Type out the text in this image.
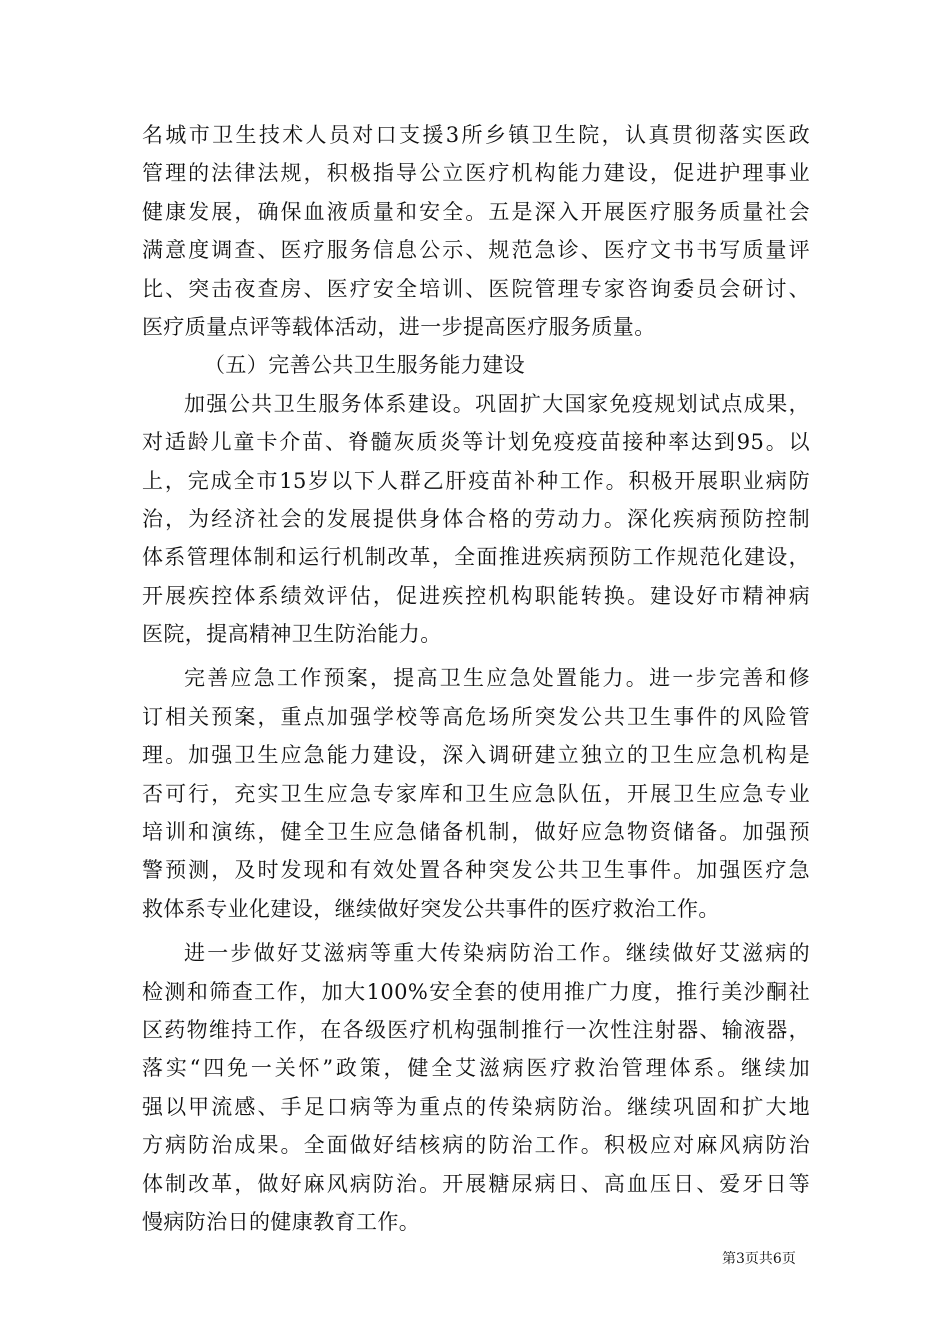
名城市卫生技术人员对口支援3所乡镇卫生院，认真贯彻落实医政
管理的法律法规，积极指导公立医疗机构能力建设，促进护理事业
健康发展，确保血液质量和安全。五是深入开展医疗服务质量社会
满意度调查、医疗服务信息公示、规范急诊、医疗文书书写质量评
比、突击夜查房、医疗安全培训、医院管理专家咨询委员会研讨、
医疗质量点评等载体活动，进一步提高医疗服务质量。
（五）完善公共卫生服务能力建设
加强公共卫生服务体系建设。巩固扩大国家免疫规划试点成果，
对适龄儿童卡介苗、脊髓灰质炎等计划免疫疫苗接种率达到95。以
上，完成全市15岁以下人群乙肝疫苗补种工作。积极开展职业病防
治，为经济社会的发展提供身体合格的劳动力。深化疾病预防控制
体系管理体制和运行机制改革，全面推进疾病预防工作规范化建设，
开展疾控体系绩效评估，促进疾控机构职能转换。建设好市精神病
医院，提高精神卫生防治能力。
完善应急工作预案，提高卫生应急处置能力。进一步完善和修
订相关预案，重点加强学校等高危场所突发公共卫生事件的风险管
理。加强卫生应急能力建设，深入调研建立独立的卫生应急机构是
否可行，充实卫生应急专家库和卫生应急队伍，开展卫生应急专业
培训和演练，健全卫生应急储备机制，做好应急物资储备。加强预
警预测，及时发现和有效处置各种突发公共卫生事件。加强医疗急
救体系专业化建设，继续做好突发公共事件的医疗救治工作。
进一步做好艾滋病等重大传染病防治工作。继续做好艾滋病的
检测和筛查工作，加大100%安全套的使用推广力度，推行美沙酮社
区药物维持工作，在各级医疗机构强制推行一次性注射器、输液器，
落实“四免一关怀”政策，健全艾滋病医疗救治管理体系。继续加
强以甲流感、手足口病等为重点的传染病防治。继续巩固和扩大地
方病防治成果。全面做好结核病的防治工作。积极应对麻风病防治
体制改革，做好麻风病防治。开展糖尿病日、高血压日、爱牙日等
慢病防治日的健康教育工作。
第3页共6页
